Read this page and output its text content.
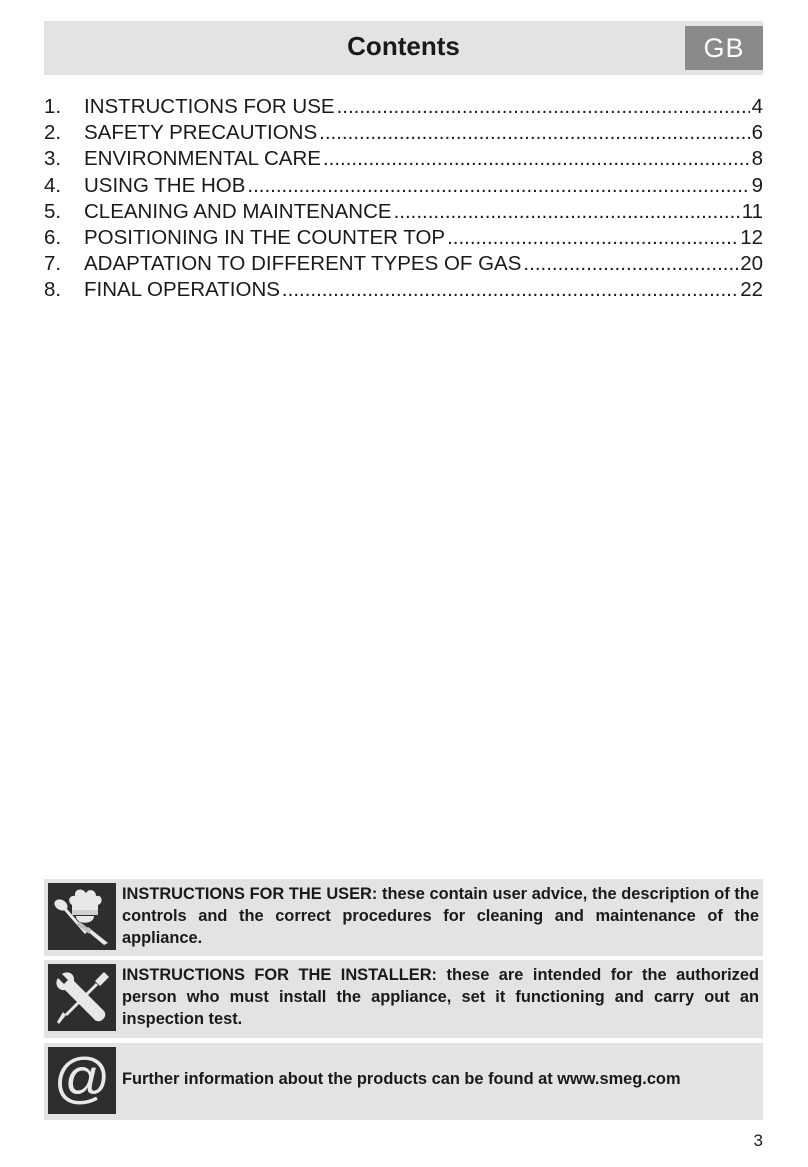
Contents	GB
1.	INSTRUCTIONS FOR USE .....	4
2.	SAFETY PRECAUTIONS .....	6
3.	ENVIRONMENTAL CARE .....	8
4.	USING THE HOB .....	9
5.	CLEANING AND MAINTENANCE .....	11
6.	POSITIONING IN THE COUNTER TOP .....	12
7.	ADAPTATION TO DIFFERENT TYPES OF GAS .....	20
8.	FINAL OPERATIONS .....	22
INSTRUCTIONS FOR THE USER: these contain user advice, the description of the controls and the correct procedures for cleaning and maintenance of the appliance.
INSTRUCTIONS FOR THE INSTALLER: these are intended for the authorized person who must install the appliance, set it functioning and carry out an inspection test.
@ Further information about the products can be found at www.smeg.com
3
